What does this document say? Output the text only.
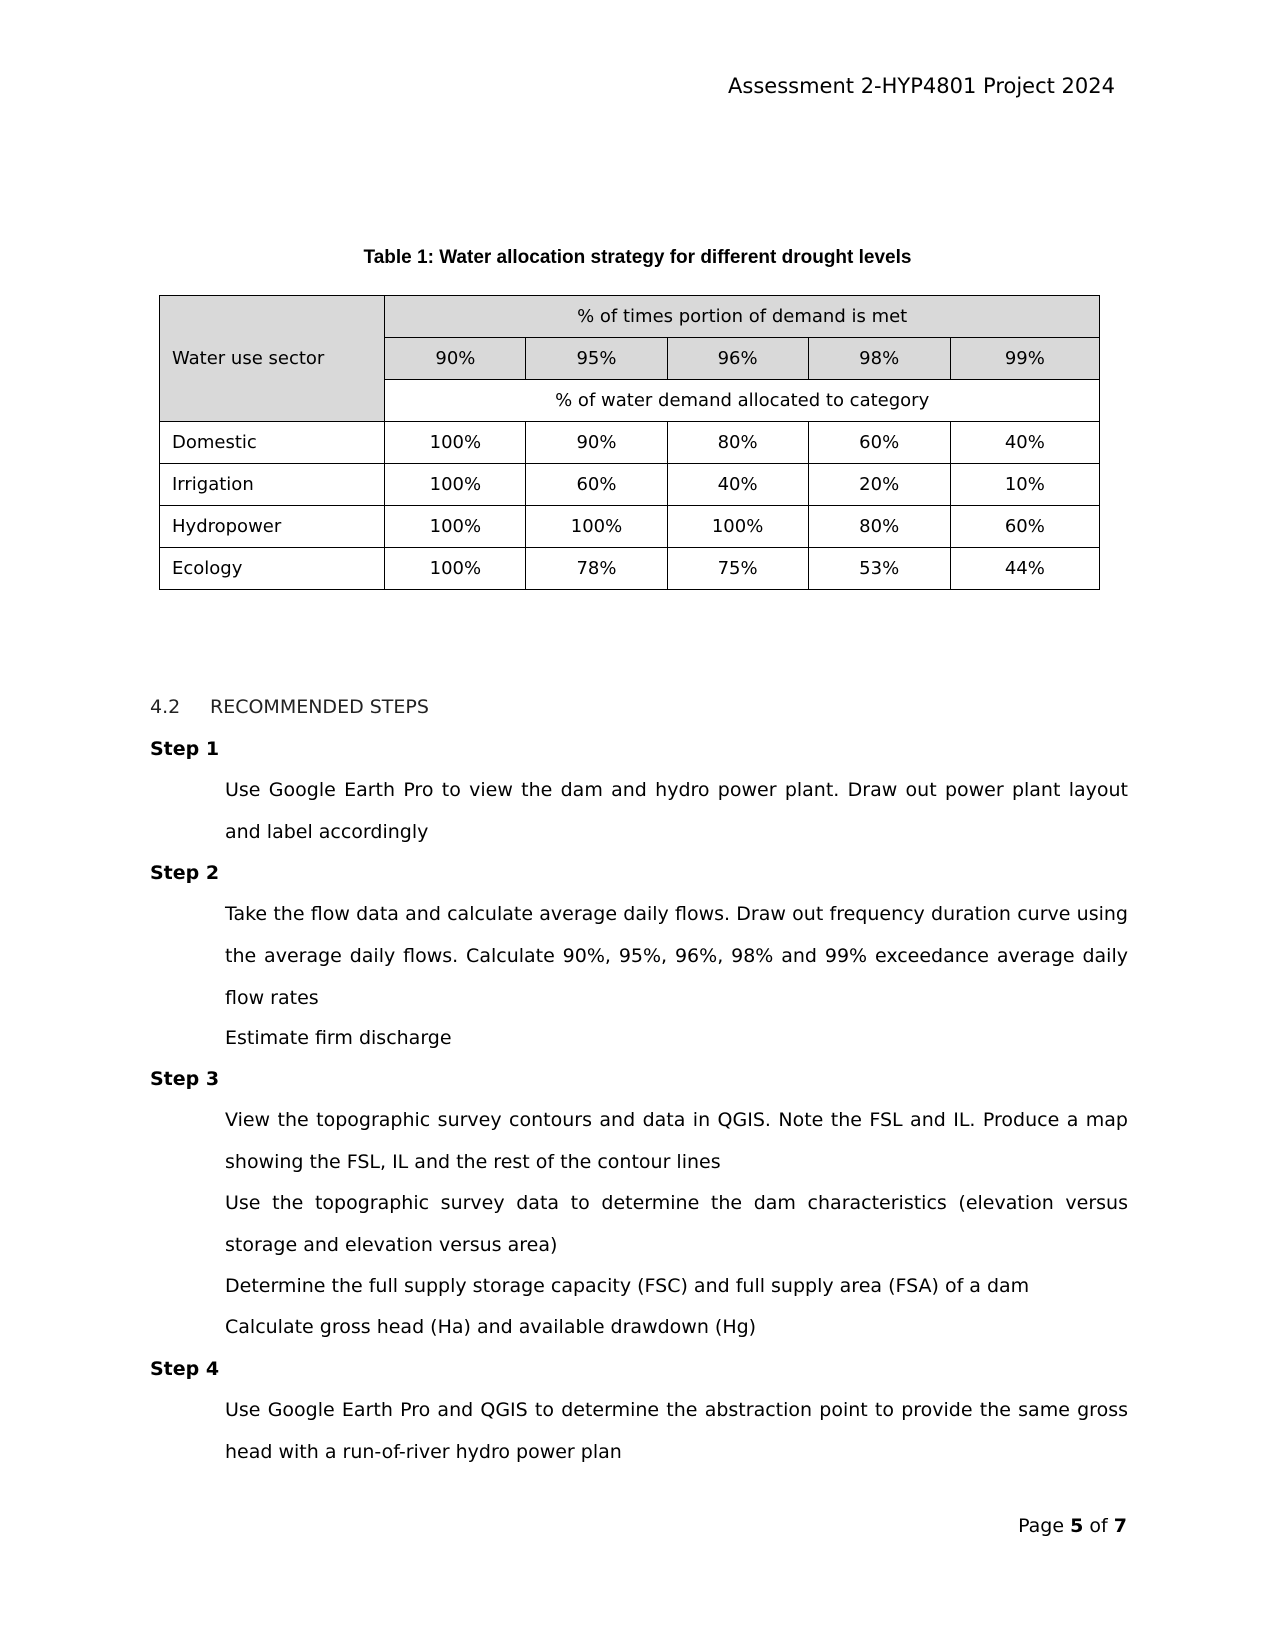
Assessment 2-HYP4801 Project 2024
Table 1: Water allocation strategy for different drought levels
Water use sector	% of times portion of demand is met				
	90%	95%	96%	98%	99%
	% of water demand allocated to category				
Domestic	100%	90%	80%	60%	40%
Irrigation	100%	60%	40%	20%	10%
Hydropower	100%	100%	100%	80%	60%
Ecology	100%	78%	75%	53%	44%
4.2 RECOMMENDED STEPS
Step 1
Use Google Earth Pro to view the dam and hydro power plant. Draw out power plant layout and label accordingly
Step 2
Take the flow data and calculate average daily flows. Draw out frequency duration curve using the average daily flows. Calculate 90%, 95%, 96%, 98% and 99% exceedance average daily flow rates
Estimate firm discharge
Step 3
View the topographic survey contours and data in QGIS. Note the FSL and IL. Produce a map showing the FSL, IL and the rest of the contour lines
Use the topographic survey data to determine the dam characteristics (elevation versus storage and elevation versus area)
Determine the full supply storage capacity (FSC) and full supply area (FSA) of a dam
Calculate gross head (Ha) and available drawdown (Hg)
Step 4
Use Google Earth Pro and QGIS to determine the abstraction point to provide the same gross head with a run-of-river hydro power plan
Page 5 of 7
